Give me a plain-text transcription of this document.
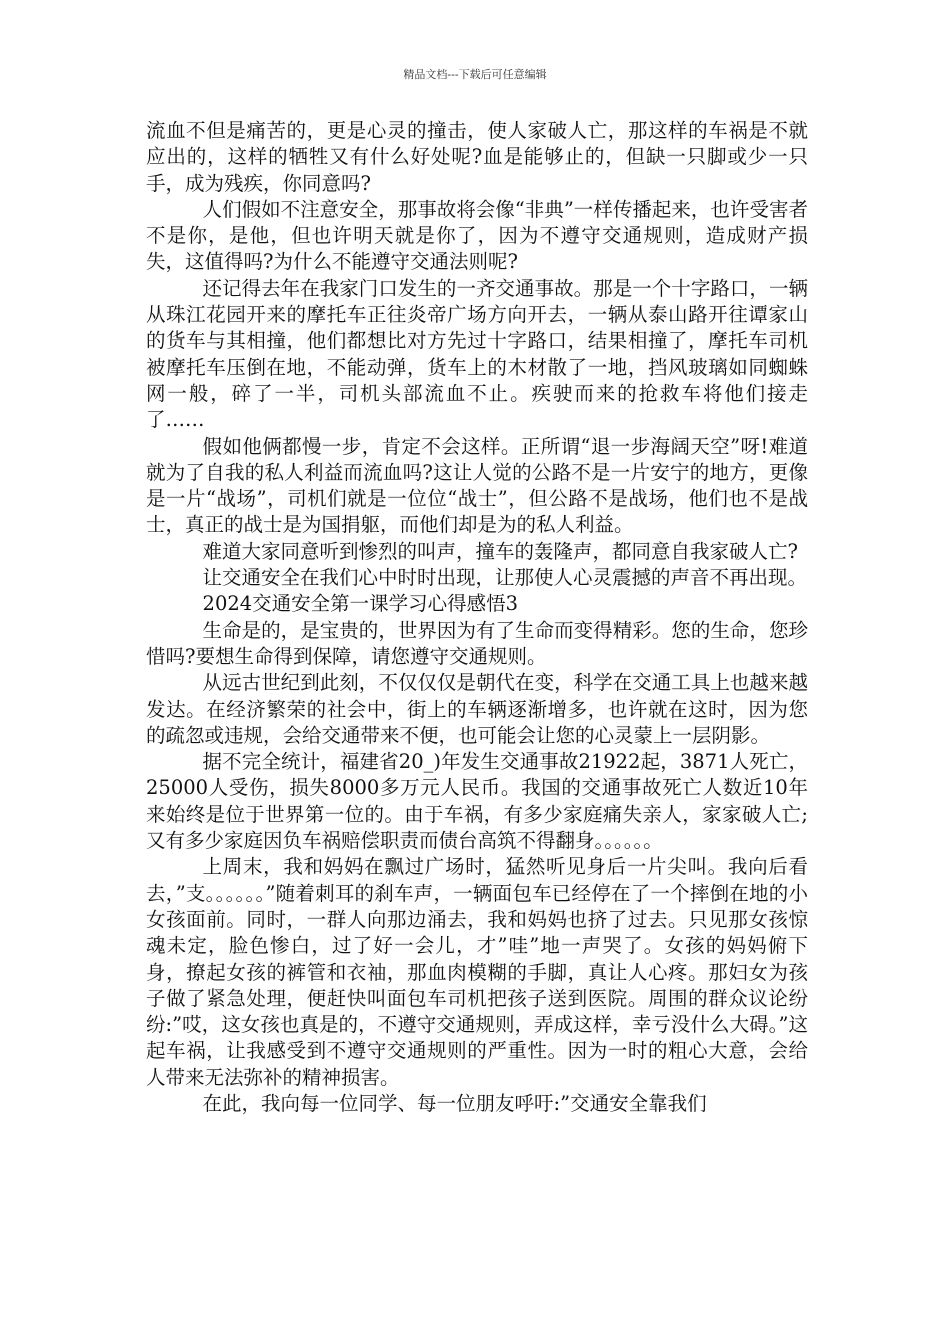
精品文档---下载后可任意编辑

流血不但是痛苦的，更是心灵的撞击，使人家破人亡，那这样的车祸是不就应出的，这样的牺牲又有什么好处呢?血是能够止的，但缺一只脚或少一只手，成为残疾，你同意吗?

人们假如不注意安全，那事故将会像“非典”一样传播起来，也许受害者不是你，是他，但也许明天就是你了，因为不遵守交通规则，造成财产损失，这值得吗?为什么不能遵守交通法则呢?

还记得去年在我家门口发生的一齐交通事故。那是一个十字路口，一辆从珠江花园开来的摩托车正往炎帝广场方向开去，一辆从泰山路开往谭家山的货车与其相撞，他们都想比对方先过十字路口，结果相撞了，摩托车司机被摩托车压倒在地，不能动弹，货车上的木材散了一地，挡风玻璃如同蜘蛛网一般，碎了一半，司机头部流血不止。疾驶而来的抢救车将他们接走了……

假如他俩都慢一步，肯定不会这样。正所谓“退一步海阔天空”呀!难道就为了自我的私人利益而流血吗?这让人觉的公路不是一片安宁的地方，更像是一片“战场”，司机们就是一位位“战士”，但公路不是战场，他们也不是战士，真正的战士是为国捐躯，而他们却是为的私人利益。

难道大家同意听到惨烈的叫声，撞车的轰隆声，都同意自我家破人亡?

让交通安全在我们心中时时出现，让那使人心灵震撼的声音不再出现。

2024交通安全第一课学习心得感悟3

生命是的，是宝贵的，世界因为有了生命而变得精彩。您的生命，您珍惜吗?要想生命得到保障，请您遵守交通规则。

从远古世纪到此刻，不仅仅仅是朝代在变，科学在交通工具上也越来越发达。在经济繁荣的社会中，街上的车辆逐渐增多，也许就在这时，因为您的疏忽或违规，会给交通带来不便，也可能会让您的心灵蒙上一层阴影。

据不完全统计，福建省20_)年发生交通事故21922起，3871人死亡，25000人受伤，损失8000多万元人民币。我国的交通事故死亡人数近10年来始终是位于世界第一位的。由于车祸，有多少家庭痛失亲人，家家破人亡;又有多少家庭因负车祸赔偿职责而债台高筑不得翻身。。。。。。

上周末，我和妈妈在飘过广场时，猛然听见身后一片尖叫。我向后看去，”支。。。。。。”随着刺耳的刹车声，一辆面包车已经停在了一个摔倒在地的小女孩面前。同时，一群人向那边涌去，我和妈妈也挤了过去。只见那女孩惊魂未定，脸色惨白，过了好一会儿，才”哇”地一声哭了。女孩的妈妈俯下身，撩起女孩的裤管和衣袖，那血肉模糊的手脚，真让人心疼。那妇女为孩子做了紧急处理，便赶快叫面包车司机把孩子送到医院。周围的群众议论纷纷:”哎，这女孩也真是的，不遵守交通规则，弄成这样，幸亏没什么大碍。”这起车祸，让我感受到不遵守交通规则的严重性。因为一时的粗心大意，会给人带来无法弥补的精神损害。

在此，我向每一位同学、每一位朋友呼吁:”交通安全靠我们
